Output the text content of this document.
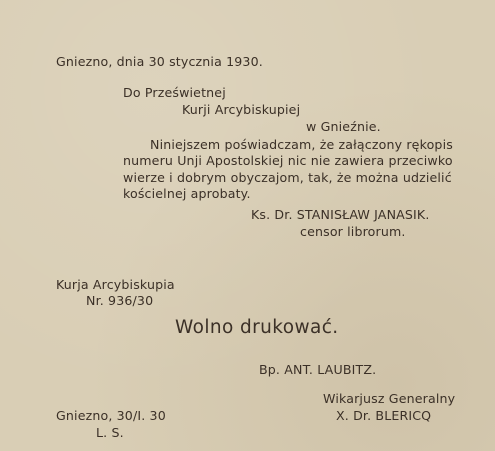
Gniezno, dnia 30 stycznia 1930.
Do Prześwietnej
Kurji Arcybiskupiej
w Gnieźnie.
Niniejszem poświadczam, że załączony rękopis
numeru Unji Apostolskiej nic nie zawiera przeciwko
wierze i dobrym obyczajom, tak, że można udzielić
kościelnej aprobaty.
Ks. Dr. STANISŁAW JANASIK.
censor librorum.
Kurja Arcybiskupia
Nr. 936/30
Wolno drukować.
Bp. ANT. LAUBITZ.
Wikarjusz Generalny
X. Dr. BLERICQ
Gniezno, 30/I. 30
L. S.
